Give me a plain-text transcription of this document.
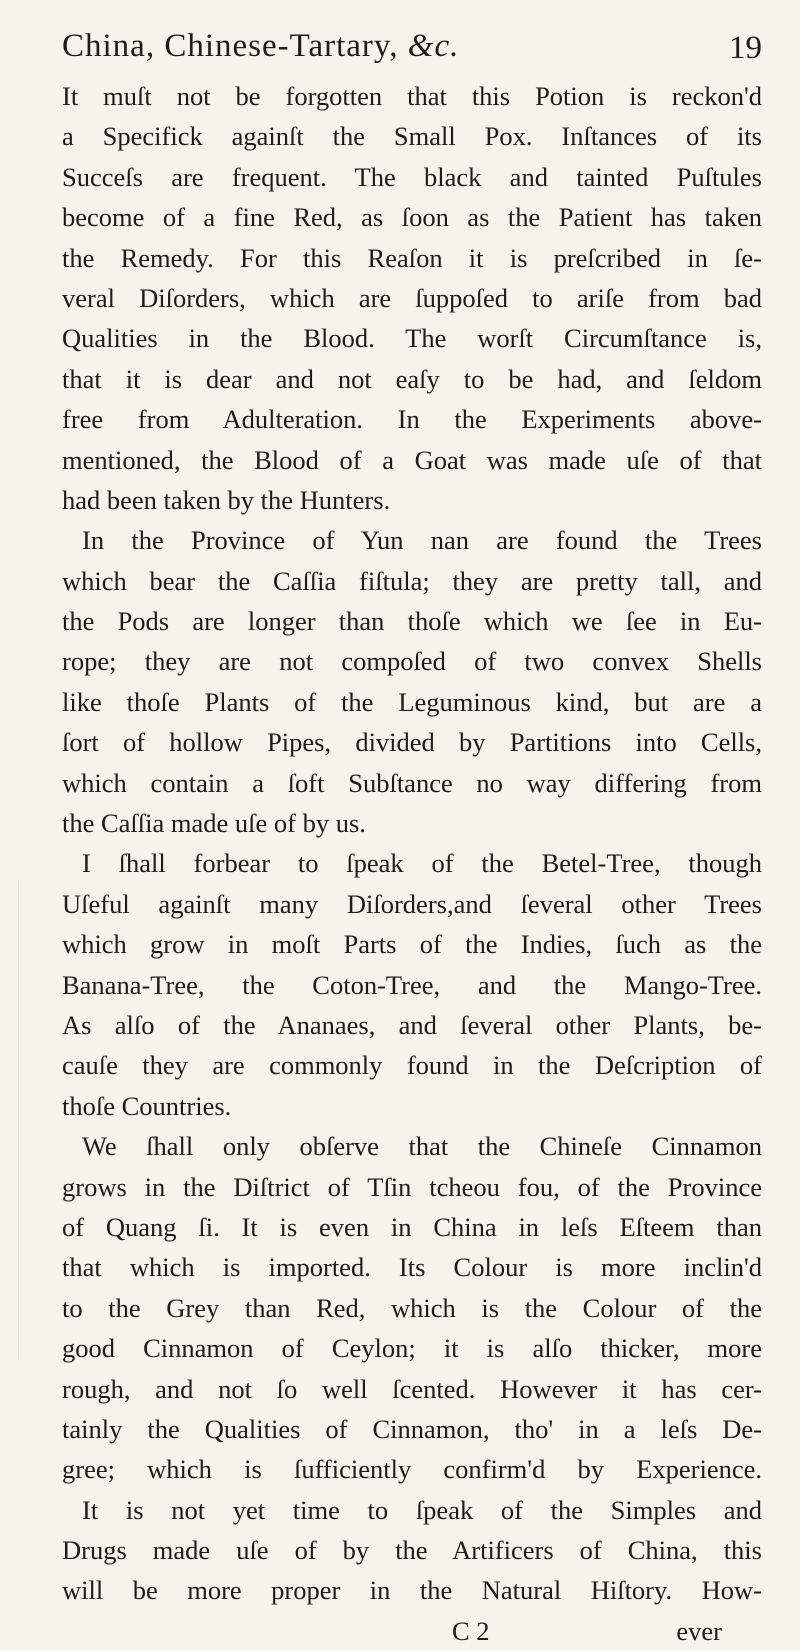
China, Chinese-Tartary, &c.	19
It muſt not be forgotten that this Potion is reckon'd
a Specifick againſt the Small Pox. Inſtances of its
Succeſs are frequent. The black and tainted Puſtules
become of a fine Red, as ſoon as the Patient has taken
the Remedy. For this Reaſon it is preſcribed in ſe-
veral Diſorders, which are ſuppoſed to ariſe from bad
Qualities in the Blood. The worſt Circumſtance is,
that it is dear and not eaſy to be had, and ſeldom
free from Adulteration. In the Experiments above-
mentioned, the Blood of a Goat was made uſe of that
had been taken by the Hunters.
In the Province of Yun nan are found the Trees
which bear the Caſſia fiſtula; they are pretty tall, and
the Pods are longer than thoſe which we ſee in Eu-
rope; they are not compoſed of two convex Shells
like thoſe Plants of the Leguminous kind, but are a
ſort of hollow Pipes, divided by Partitions into Cells,
which contain a ſoft Subſtance no way differing from
the Caſſia made uſe of by us.
I ſhall forbear to ſpeak of the Betel-Tree, though
Uſeful againſt many Diſorders,and ſeveral other Trees
which grow in moſt Parts of the Indies, ſuch as the
Banana-Tree, the Coton-Tree, and the Mango-Tree.
As alſo of the Ananaes, and ſeveral other Plants, be-
cauſe they are commonly found in the Deſcription of
thoſe Countries.
We ſhall only obſerve that the Chineſe Cinnamon
grows in the Diſtrict of Tſin tcheou fou, of the Province
of Quang ſi. It is even in China in leſs Eſteem than
that which is imported. Its Colour is more inclin'd
to the Grey than Red, which is the Colour of the
good Cinnamon of Ceylon; it is alſo thicker, more
rough, and not ſo well ſcented. However it has cer-
tainly the Qualities of Cinnamon, tho' in a leſs De-
gree; which is ſufficiently confirm'd by Experience.
It is not yet time to ſpeak of the Simples and
Drugs made uſe of by the Artificers of China, this
will be more proper in the Natural Hiſtory. How-
C 2	ever
